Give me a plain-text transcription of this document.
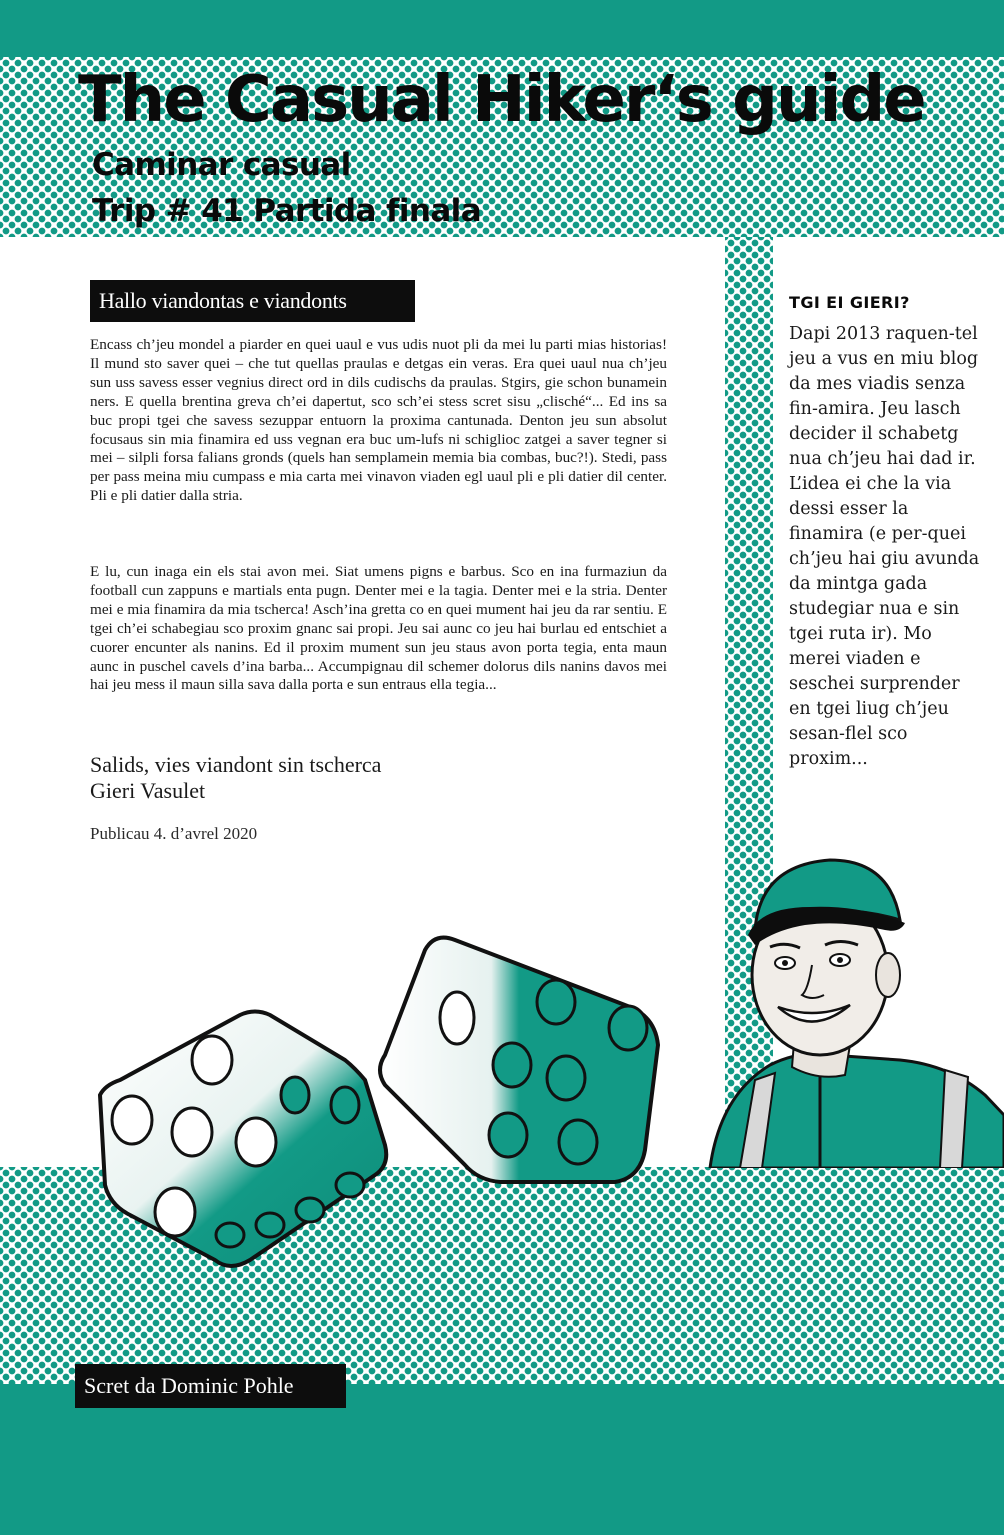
The Casual Hiker‘s guide
Caminar casual
Trip # 41 Partida finala
Hallo viandontas e viandonts

Encass ch’jeu mondel a piarder en quei uaul e vus udis nuot pli da mei lu parti mias historias! Il mund sto saver quei – che tut quellas praulas e detgas ein veras. Era quei uaul nua ch’jeu sun uss savess esser vegnius direct ord in dils cudischs da praulas. Stgirs, gie schon bunamein ners. E quella brentina greva ch’ei dapertut, sco sch’ei stess scret sisu „clisché“... Ed ins sa buc propi tgei che savess sezuppar entuorn la proxima cantunada. Denton jeu sun absolut focusaus sin mia finamira ed uss vegnan era buc um-lufs ni schiglioc zatgei a saver tegner si mei – silpli forsa falians gronds (quels han semplamein memia bia combas, buc?!). Stedi, pass per pass meina miu cumpass e mia carta mei vinavon viaden egl uaul pli e pli datier dil center. Pli e pli datier dalla stria.

E lu, cun inaga ein els stai avon mei. Siat umens pigns e barbus. Sco en ina furmaziun da football cun zappuns e martials enta pugn. Denter mei e la tagia. Denter mei e la stria. Denter mei e mia finamira da mia tscherca! Asch’ina gretta co en quei mument hai jeu da rar sentiu. E tgei ch’ei schabegiau sco proxim gnanc sai propi. Jeu sai aunc co jeu hai burlau ed entschiet a cuorer encunter als nanins. Ed il proxim mument sun jeu staus avon porta tegia, enta maun aunc in puschel cavels d’ina barba... Accumpignau dil schemer dolorus dils nanins davos mei hai jeu mess il maun silla sava dalla porta e sun entraus ella tegia...

Salids, vies viandont sin tscherca

Gieri Vasulet

Publicau 4. d’avrel 2020

TGI EI GIERI?

Dapi 2013 raquen-tel jeu a vus en miu blog da mes viadis senza fin-amira. Jeu lasch decider il schabetg nua ch’jeu hai dad ir. L’idea ei che la via dessi esser la finamira (e per-quei ch’jeu hai giu avunda da mintga gada studegiar nua e sin tgei ruta ir). Mo merei viaden e seschei surprender en tgei liug ch’jeu sesan-flel sco proxim...

Scret da Dominic Pohle
